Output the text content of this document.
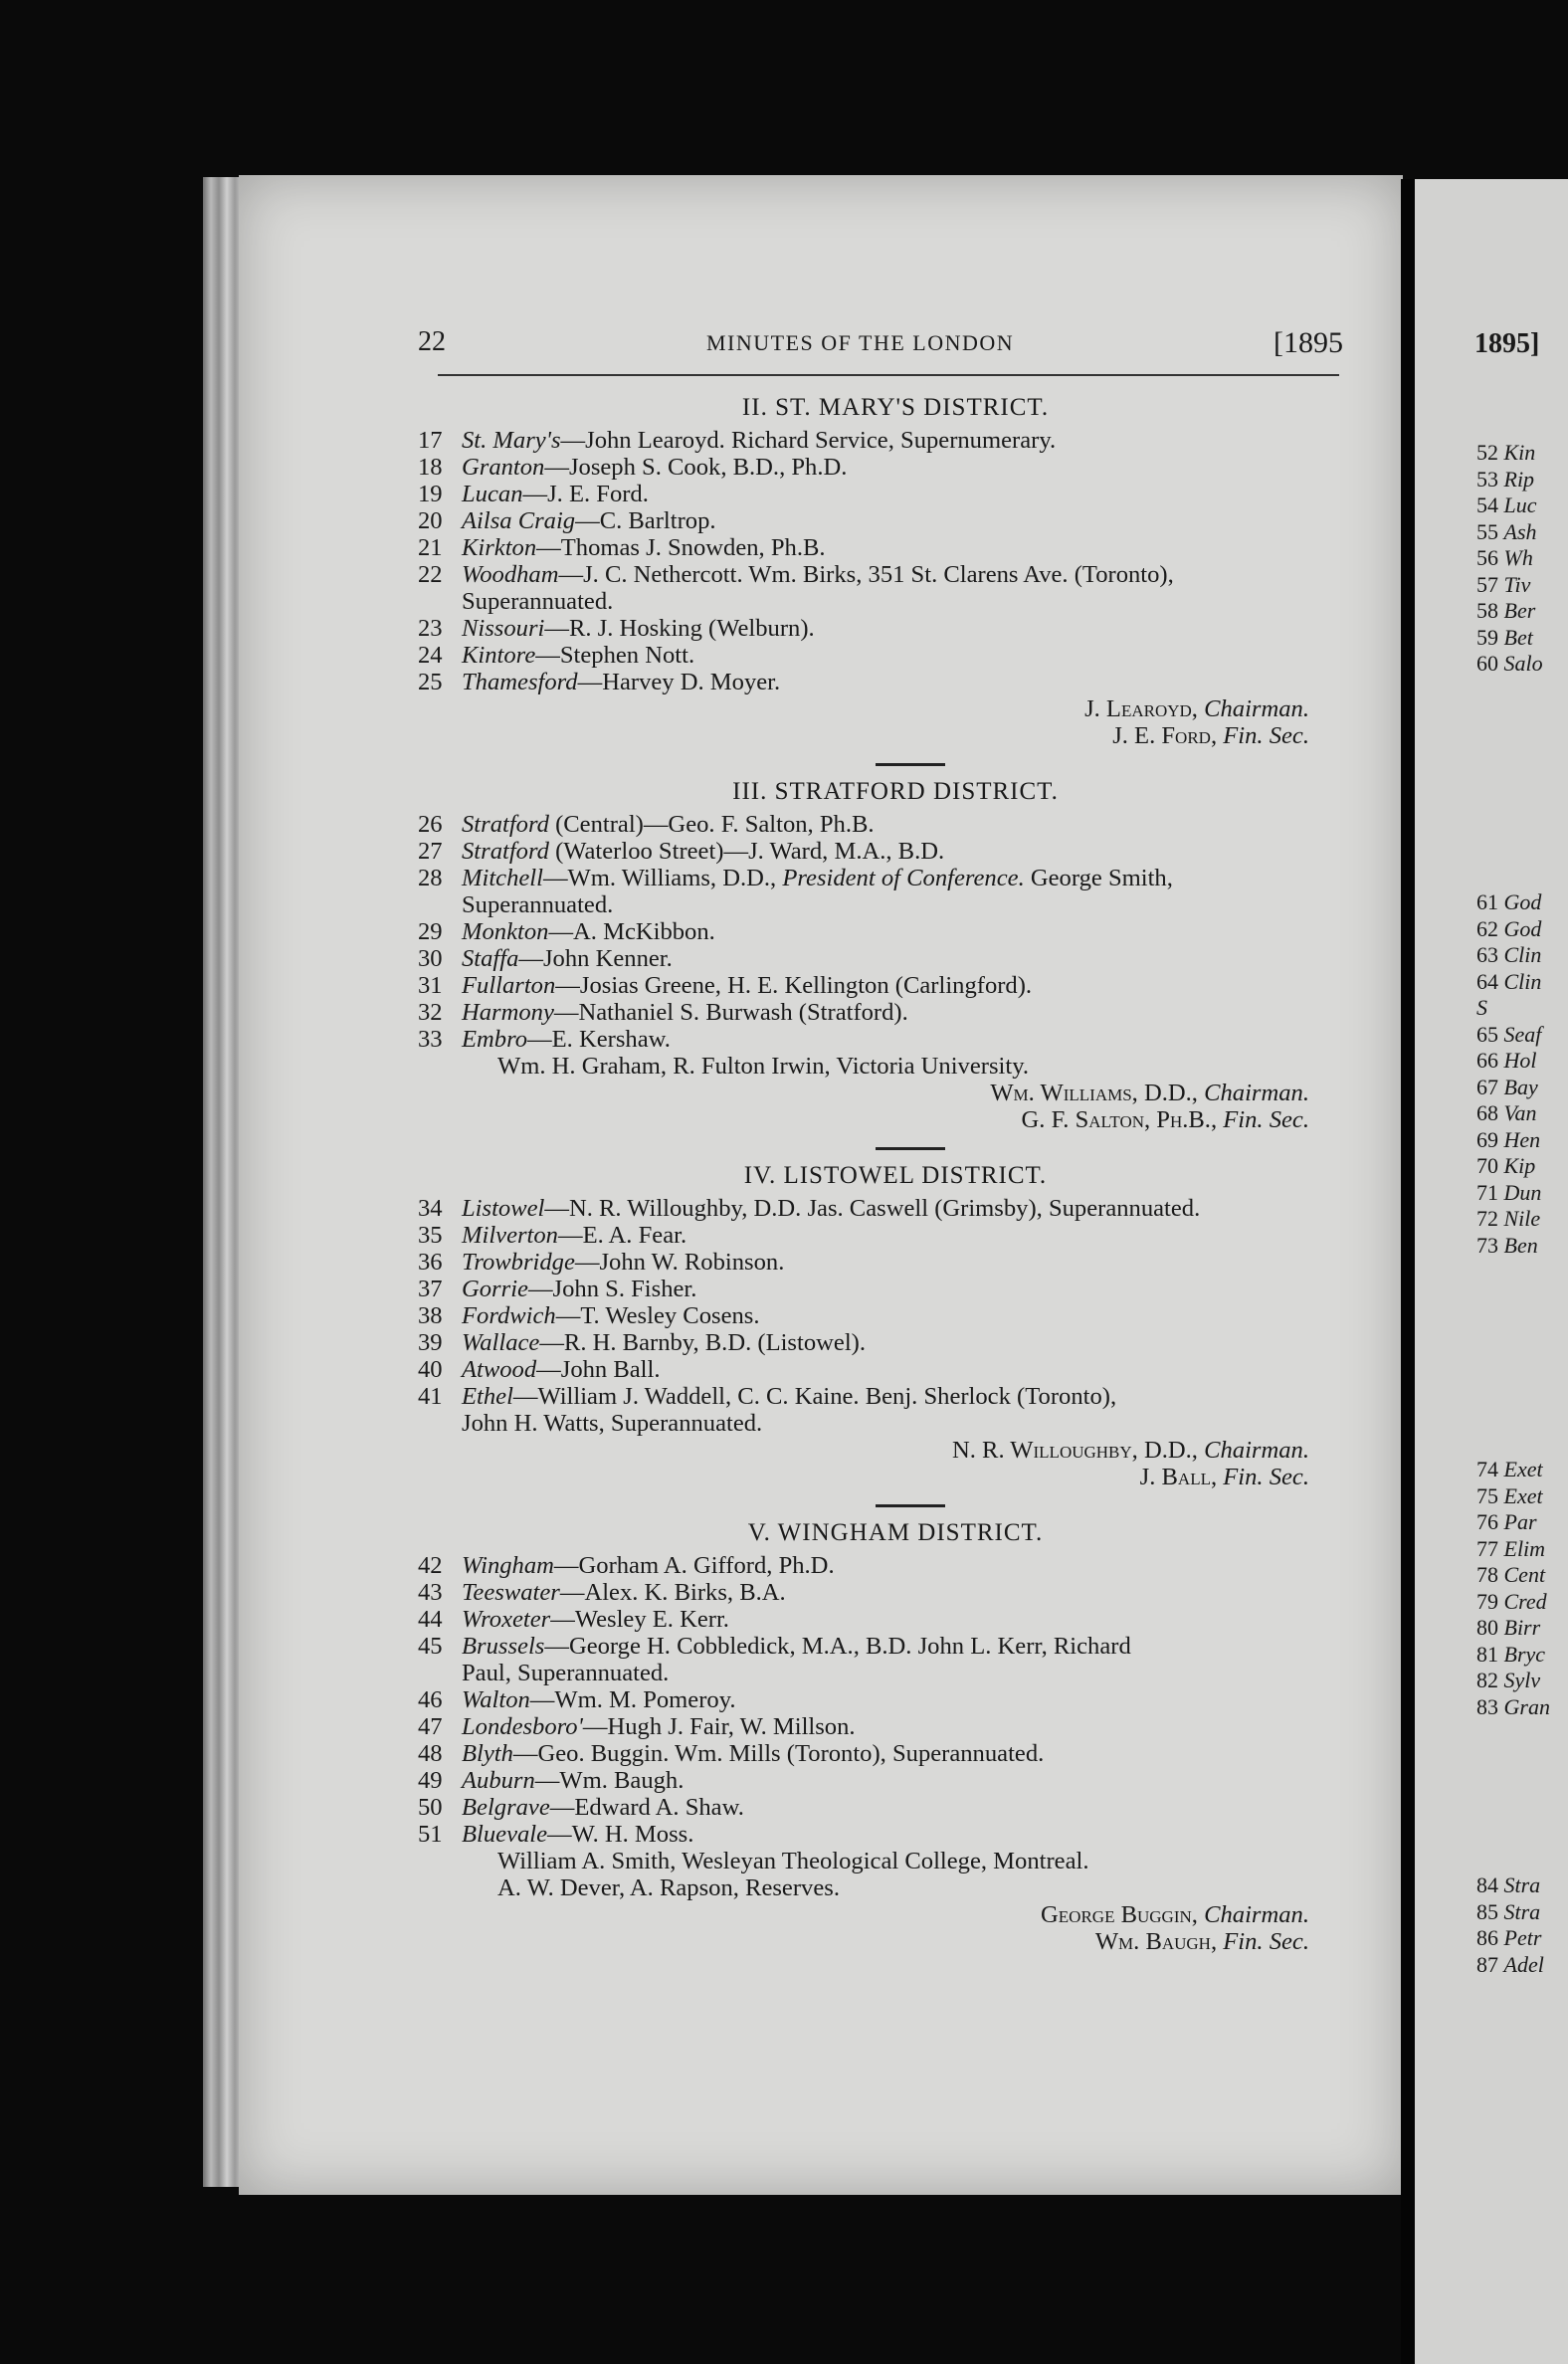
1895]
52 Kin
53 Rip
54 Luc
55 Ash
56 Wh
57 Tiv
58 Ber
59 Bet
60 Salo
61 God
62 God
63 Clin
64 Clin
S
65 Seaf
66 Hol
67 Bay
68 Van
69 Hen
70 Kip
71 Dun
72 Nile
73 Ben
74 Exet
75 Exet
76 Par
77 Elim
78 Cent
79 Cred
80 Birr
81 Bryc
82 Sylv
83 Gran
84 Stra
85 Stra
86 Petr
87 Adel
22	MINUTES OF THE LONDON	[1895
II. ST. MARY'S DISTRICT.
17 St. Mary's—John Learoyd. Richard Service, Supernumerary.
18 Granton—Joseph S. Cook, B.D., Ph.D.
19 Lucan—J. E. Ford.
20 Ailsa Craig—C. Barltrop.
21 Kirkton—Thomas J. Snowden, Ph.B.
22 Woodham—J. C. Nethercott. Wm. Birks, 351 St. Clarens Ave. (Toronto),
Superannuated.
23 Nissouri—R. J. Hosking (Welburn).
24 Kintore—Stephen Nott.
25 Thamesford—Harvey D. Moyer.
J. Learoyd, Chairman.
J. E. Ford, Fin. Sec.
III. STRATFORD DISTRICT.
26 Stratford (Central)—Geo. F. Salton, Ph.B.
27 Stratford (Waterloo Street)—J. Ward, M.A., B.D.
28 Mitchell—Wm. Williams, D.D., President of Conference. George Smith,
Superannuated.
29 Monkton—A. McKibbon.
30 Staffa—John Kenner.
31 Fullarton—Josias Greene, H. E. Kellington (Carlingford).
32 Harmony—Nathaniel S. Burwash (Stratford).
33 Embro—E. Kershaw.
Wm. H. Graham, R. Fulton Irwin, Victoria University.
Wm. Williams, D.D., Chairman.
G. F. Salton, Ph.B., Fin. Sec.
IV. LISTOWEL DISTRICT.
34 Listowel—N. R. Willoughby, D.D. Jas. Caswell (Grimsby), Superannuated.
35 Milverton—E. A. Fear.
36 Trowbridge—John W. Robinson.
37 Gorrie—John S. Fisher.
38 Fordwich—T. Wesley Cosens.
39 Wallace—R. H. Barnby, B.D. (Listowel).
40 Atwood—John Ball.
41 Ethel—William J. Waddell, C. C. Kaine. Benj. Sherlock (Toronto),
John H. Watts, Superannuated.
N. R. Willoughby, D.D., Chairman.
J. Ball, Fin. Sec.
V. WINGHAM DISTRICT.
42 Wingham—Gorham A. Gifford, Ph.D.
43 Teeswater—Alex. K. Birks, B.A.
44 Wroxeter—Wesley E. Kerr.
45 Brussels—George H. Cobbledick, M.A., B.D. John L. Kerr, Richard
Paul, Superannuated.
46 Walton—Wm. M. Pomeroy.
47 Londesboro'—Hugh J. Fair, W. Millson.
48 Blyth—Geo. Buggin. Wm. Mills (Toronto), Superannuated.
49 Auburn—Wm. Baugh.
50 Belgrave—Edward A. Shaw.
51 Bluevale—W. H. Moss.
William A. Smith, Wesleyan Theological College, Montreal.
A. W. Dever, A. Rapson, Reserves.
George Buggin, Chairman.
Wm. Baugh, Fin. Sec.
